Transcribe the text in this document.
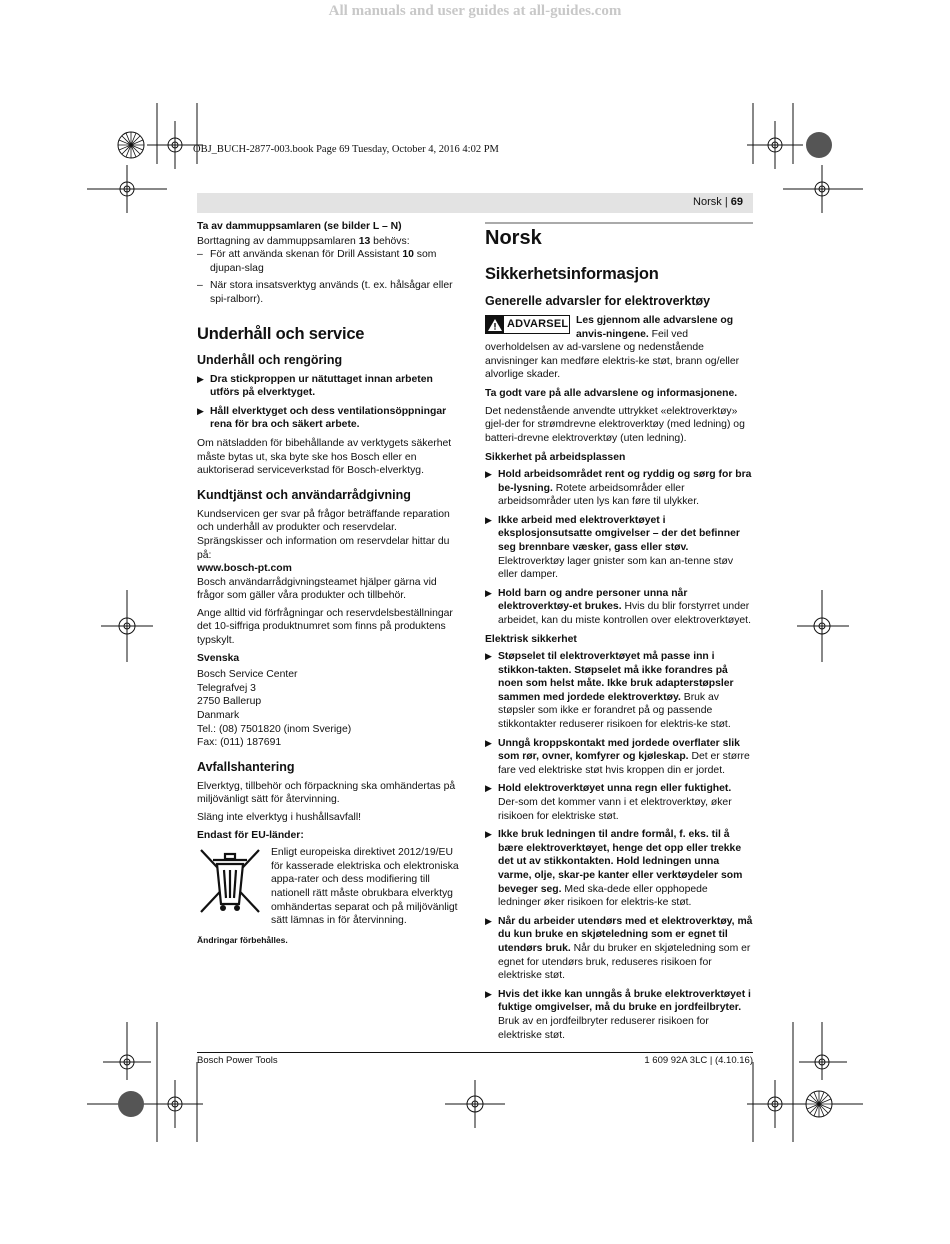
All manuals and user guides at all-guides.com
OBJ_BUCH-2877-003.book Page 69 Tuesday, October 4, 2016 4:02 PM
Norsk | 69
Ta av dammuppsamlaren (se bilder L – N)

Borttagning av dammuppsamlaren 13 behövs:

– För att använda skenan för Drill Assistant 10 som djupan-slag

– När stora insatsverktyg används (t. ex. hålsågar eller spi-ralborr).

Underhåll och service
Underhåll och rengöring
▶ Dra stickproppen ur nätuttaget innan arbeten utförs på elverktyget.
▶ Håll elverktyget och dess ventilationsöppningar rena för bra och säkert arbete.

Om nätsladden för bibehållande av verktygets säkerhet måste bytas ut, ska byte ske hos Bosch eller en auktoriserad serviceverkstad för Bosch-elverktyg.

Kundtjänst och användarrådgivning

Kundservicen ger svar på frågor beträffande reparation och underhåll av produkter och reservdelar. Sprängskisser och information om reservdelar hittar du på:

www.bosch-pt.com

Bosch användarrådgivningsteamet hjälper gärna vid frågor som gäller våra produkter och tillbehör.

Ange alltid vid förfrågningar och reservdelsbeställningar det 10-siffriga produktnumret som finns på produktens typskylt.

Svenska
Bosch Service Center
Telegrafvej 3
2750 Ballerup
Danmark
Tel.: (08) 7501820 (inom Sverige)
Fax: (011) 187691
Avfallshantering

Elverktyg, tillbehör och förpackning ska omhändertas på miljövänligt sätt för återvinning.

Släng inte elverktyg i hushållsavfall!

Endast för EU-länder:
Enligt europeiska direktivet 2012/19/EU för kasserade elektriska och elektroniska appa-rater och dess modifiering till nationell rätt måste obrukbara elverktyg omhändertas separat och på miljövänligt sätt lämnas in för återvinning.
Ändringar förbehålles.
Norsk
Sikkerhetsinformasjon
Generelle advarsler for elektroverktøy
ADVARSEL Les gjennom alle advarslene og anvis-ningene. Feil ved overholdelsen av ad-varslene og nedenstående anvisninger kan medføre elektris-ke støt, brann og/eller alvorlige skader.
Ta godt vare på alle advarslene og informasjonene.

Det nedenstående anvendte uttrykket «elektroverktøy» gjel-der for strømdrevne elektroverktøy (med ledning) og batteri-drevne elektroverktøy (uten ledning).

Sikkerhet på arbeidsplassen
▶ Hold arbeidsområdet rent og ryddig og sørg for bra be-lysning. Rotete arbeidsområder eller arbeidsområder uten lys kan føre til ulykker.
▶ Ikke arbeid med elektroverktøyet i eksplosjonsutsatte omgivelser – der det befinner seg brennbare væsker, gass eller støv. Elektroverktøy lager gnister som kan an-tenne støv eller damper.
▶ Hold barn og andre personer unna når elektroverktøy-et brukes. Hvis du blir forstyrret under arbeidet, kan du miste kontrollen over elektroverktøyet.
Elektrisk sikkerhet
▶ Støpselet til elektroverktøyet må passe inn i stikkon-takten. Støpselet må ikke forandres på noen som helst måte. Ikke bruk adapterstøpsler sammen med jordede elektroverktøy. Bruk av støpsler som ikke er forandret på og passende stikkontakter reduserer risikoen for elektris-ke støt.
▶ Unngå kroppskontakt med jordede overflater slik som rør, ovner, komfyrer og kjøleskap. Det er større fare ved elektriske støt hvis kroppen din er jordet.
▶ Hold elektroverktøyet unna regn eller fuktighet. Der-som det kommer vann i et elektroverktøy, øker risikoen for elektriske støt.
▶ Ikke bruk ledningen til andre formål, f. eks. til å bære elektroverktøyet, henge det opp eller trekke det ut av stikkontakten. Hold ledningen unna varme, olje, skar-pe kanter eller verktøydeler som beveger seg. Med ska-dede eller opphopede ledninger øker risikoen for elektris-ke støt.
▶ Når du arbeider utendørs med et elektroverktøy, må du kun bruke en skjøteledning som er egnet til utendørs bruk. Når du bruker en skjøteledning som er egnet for utendørs bruk, reduseres risikoen for elektriske støt.
▶ Hvis det ikke kan unngås å bruke elektroverktøyet i fuktige omgivelser, må du bruke en jordfeilbryter. Bruk av en jordfeilbryter reduserer risikoen for elektriske støt.
Bosch Power Tools	1 609 92A 3LC | (4.10.16)
